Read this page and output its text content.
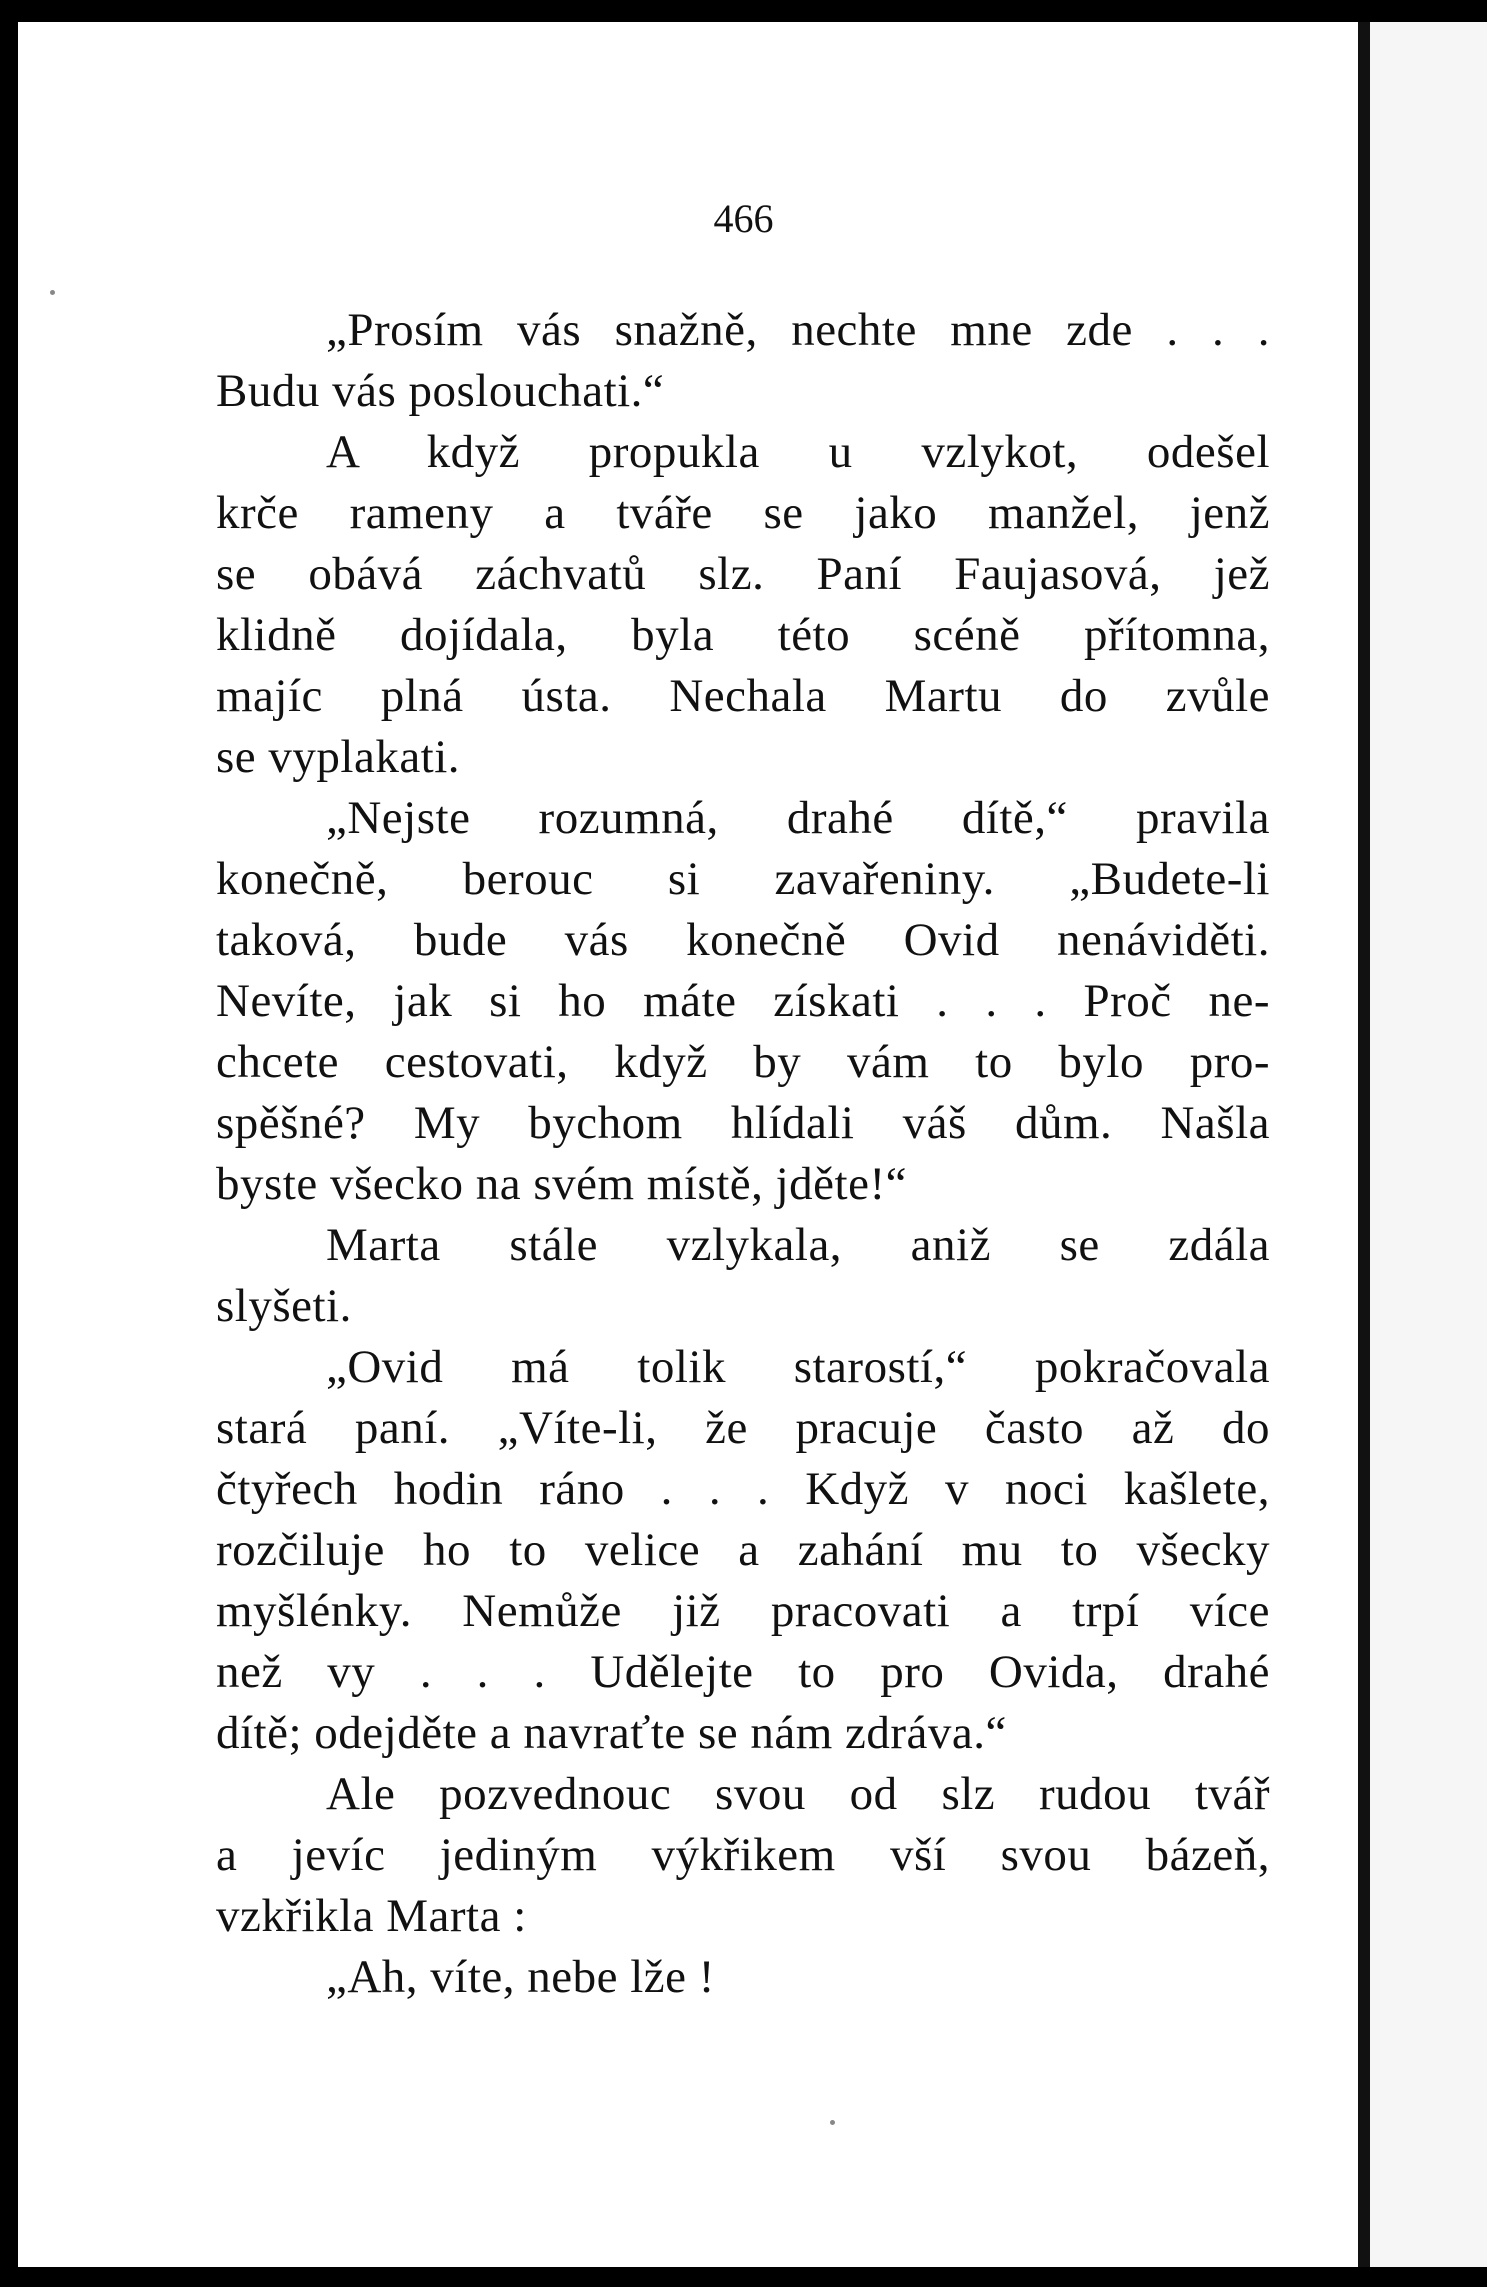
466
„Prosím vás snažně, nechte mne zde . . .
Budu vás poslouchati.“
A když propukla u vzlykot, odešel
krče rameny a tváře se jako manžel, jenž
se obává záchvatů slz. Paní Faujasová, jež
klidně dojídala, byla této scéně přítomna,
majíc plná ústa. Nechala Martu do zvůle
se vyplakati.
„Nejste rozumná, drahé dítě,“ pravila
konečně, berouc si zavařeniny. „Budete-li
taková, bude vás konečně Ovid nenáviděti.
Nevíte, jak si ho máte získati . . . Proč ne-
chcete cestovati, když by vám to bylo pro-
spěšné? My bychom hlídali váš dům. Našla
byste všecko na svém místě, jděte!“
Marta stále vzlykala, aniž se zdála
slyšeti.
„Ovid má tolik starostí,“ pokračovala
stará paní. „Víte-li, že pracuje často až do
čtyřech hodin ráno . . . Když v noci kašlete,
rozčiluje ho to velice a zahání mu to všecky
myšlénky. Nemůže již pracovati a trpí více
než vy . . . Udělejte to pro Ovida, drahé
dítě; odejděte a navraťte se nám zdráva.“
Ale pozvednouc svou od slz rudou tvář
a jevíc jediným výkřikem vší svou bázeň,
vzkřikla Marta :
„Ah, víte, nebe lže !
